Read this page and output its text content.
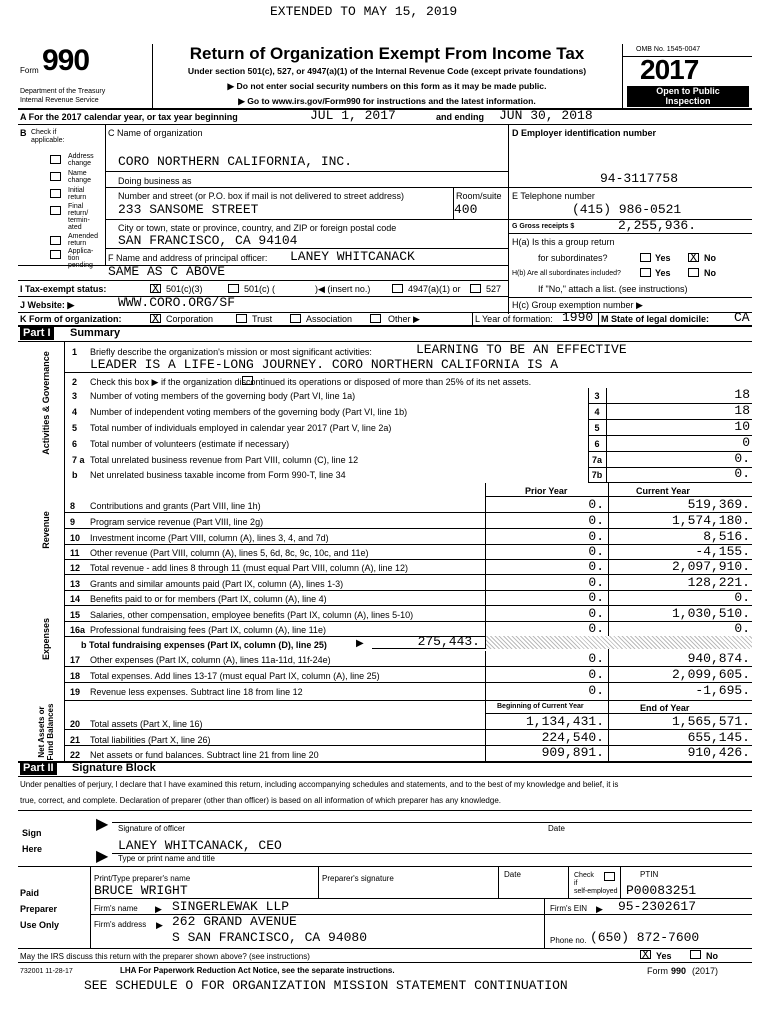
EXTENDED TO MAY 15, 2019
Form 990
Department of the Treasury
Internal Revenue Service
Return of Organization Exempt From Income Tax
Under section 501(c), 527, or 4947(a)(1) of the Internal Revenue Code (except private foundations)
▶ Do not enter social security numbers on this form as it may be made public.
▶ Go to www.irs.gov/Form990 for instructions and the latest information.
OMB No. 1545-0047
2017
Open to Public
Inspection
A For the 2017 calendar year, or tax year beginning	JUL 1, 2017	and ending JUN 30, 2018
B Check if
applicable:
Address change
Name change
Initial return
Final return/ termin- ated
Amended return
Applica- tion pending
C Name of organization
CORO NORTHERN CALIFORNIA, INC.
Doing business as
Number and street (or P.O. box if mail is not delivered to street address)	Room/suite
233 SANSOME STREET	400
City or town, state or province, country, and ZIP or foreign postal code
SAN FRANCISCO, CA 94104
F Name and address of principal officer: LANEY WHITCANACK
SAME AS C ABOVE
D Employer identification number
94-3117758
E Telephone number
(415) 986-0521
G Gross receipts $	2,255,936.
H(a) Is this a group return
for subordinates?	Yes X No
H(b) Are all subordinates included?	Yes	No
If "No," attach a list. (see instructions)
H(c) Group exemption number ▶
I Tax-exempt status:	X 501(c)(3)	501(c) (	)◀ (insert no.)	4947(a)(1) or	527
J Website: ▶	WWW.CORO.ORG/SF
K Form of organization:	X Corporation	Trust	Association	Other ▶	L Year of formation: 1990 M State of legal domicile: CA
Part I Summary
Activities & Governance
Revenue
Expenses
Net Assets or Fund Balances
1 Briefly describe the organization's mission or most significant activities:	LEARNING TO BE AN EFFECTIVE
LEADER IS A LIFE-LONG JOURNEY. CORO NORTHERN CALIFORNIA IS A
2 Check this box ▶ if the organization discontinued its operations or disposed of more than 25% of its net assets.
3 Number of voting members of the governing body (Part VI, line 1a)	3	18
4 Number of independent voting members of the governing body (Part VI, line 1b)	4	18
5 Total number of individuals employed in calendar year 2017 (Part V, line 2a)	5	10
6 Total number of volunteers (estimate if necessary)	6	0
7 a Total unrelated business revenue from Part VIII, column (C), line 12	7a	0.
b Net unrelated business taxable income from Form 990-T, line 34	7b	0.
Prior Year	Current Year
8 Contributions and grants (Part VIII, line 1h)	0.	519,369.
9 Program service revenue (Part VIII, line 2g)	0.	1,574,180.
10 Investment income (Part VIII, column (A), lines 3, 4, and 7d)	0.	8,516.
11 Other revenue (Part VIII, column (A), lines 5, 6d, 8c, 9c, 10c, and 11e)	0.	-4,155.
12 Total revenue - add lines 8 through 11 (must equal Part VIII, column (A), line 12)	0.	2,097,910.
13 Grants and similar amounts paid (Part IX, column (A), lines 1-3)	0.	128,221.
14 Benefits paid to or for members (Part IX, column (A), line 4)	0.	0.
15 Salaries, other compensation, employee benefits (Part IX, column (A), lines 5-10)	0.	1,030,510.
16a Professional fundraising fees (Part IX, column (A), line 11e)	0.	0.
b Total fundraising expenses (Part IX, column (D), line 25)	▶	275,443.
17 Other expenses (Part IX, column (A), lines 11a-11d, 11f-24e)	0.	940,874.
18 Total expenses. Add lines 13-17 (must equal Part IX, column (A), line 25)	0.	2,099,605.
19 Revenue less expenses. Subtract line 18 from line 12	0.	-1,695.
Beginning of Current Year	End of Year
20 Total assets (Part X, line 16)	1,134,431.	1,565,571.
21 Total liabilities (Part X, line 26)	224,540.	655,145.
22 Net assets or fund balances. Subtract line 21 from line 20	909,891.	910,426.
Part II Signature Block
Under penalties of perjury, I declare that I have examined this return, including accompanying schedules and statements, and to the best of my knowledge and belief, it is
true, correct, and complete. Declaration of preparer (other than officer) is based on all information of which preparer has any knowledge.
Sign
Here
▶
▶
Signature of officer	Date
LANEY WHITCANACK, CEO
Type or print name and title
Paid
Preparer
Use Only
Print/Type preparer's name	Preparer's signature	Date	Check
if
self-employed
PTIN
BRUCE WRIGHT	P00083251
Firm's name ▶ SINGERLEWAK LLP	Firm's EIN ▶ 95-2302617
Firm's address ▶ 262 GRAND AVENUE
S SAN FRANCISCO, CA 94080	Phone no. (650) 872-7600
May the IRS discuss this return with the preparer shown above? (see instructions)	X Yes	No
732001 11-28-17	LHA For Paperwork Reduction Act Notice, see the separate instructions.	Form 990 (2017)
SEE SCHEDULE O FOR ORGANIZATION MISSION STATEMENT CONTINUATION
